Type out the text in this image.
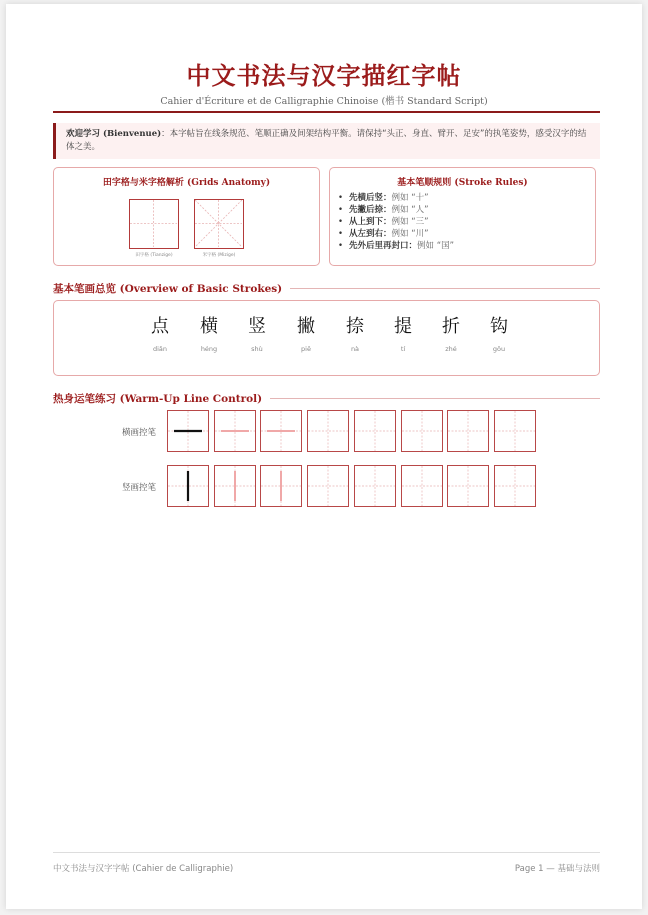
中文书法与汉字描红字帖
Cahier d'Écriture et de Calligraphie Chinoise (楷书 Standard Script)
欢迎学习 (Bienvenue)：本字帖旨在线条规范、笔顺正确及间架结构平衡。请保持“头正、身直、臂开、足安”的执笔姿势，感受汉字的结体之美。
田字格与米字格解析 (Grids Anatomy)
田字格 (Tianzige)	米字格 (Mizige)
基本笔顺规则 (Stroke Rules)
• 先横后竖：例如 “十”
• 先撇后捺：例如 “人”
• 从上到下：例如 “三”
• 从左到右：例如 “川”
• 先外后里再封口：例如 “国”
基本笔画总览 (Overview of Basic Strokes)
点
diǎn
横
héng
竖
shù
撇
piě
捺
nà
提
tí
折
zhé
钩
gōu
热身运笔练习 (Warm-Up Line Control)
横画控笔
竖画控笔
中文书法与汉字字帖 (Cahier de Calligraphie)	Page 1 — 基础与法则
